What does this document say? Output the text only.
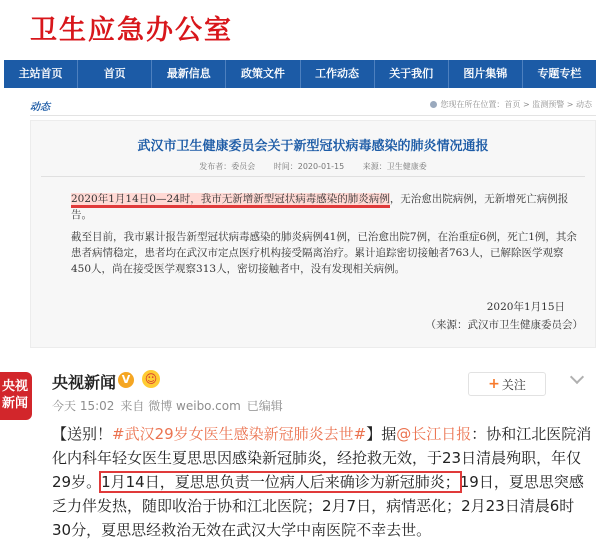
卫生应急办公室
主站首页	首页	最新信息	政策文件	工作动态	关于我们	图片集锦	专题专栏
动态	您现在所在位置：首页 > 监测预警 > 动态
武汉市卫生健康委员会关于新型冠状病毒感染的肺炎情况通报
发布者：委员会 时间：2020-01-15 来源：卫生健康委

2020年1月14日0—24时，我市无新增新型冠状病毒感染的肺炎病例，无治愈出院病例，无新增死亡病例报告。

截至目前，我市累计报告新型冠状病毒感染的肺炎病例41例，已治愈出院7例，在治重症6例，死亡1例，其余患者病情稳定，患者均在武汉市定点医疗机构接受隔离治疗。累计追踪密切接触者763人，已解除医学观察450人，尚在接受医学观察313人，密切接触者中，没有发现相关病例。

2020年1月15日
（来源：武汉市卫生健康委员会）
央视新闻
央视新闻 V	☺
今天 15:02 来自 微博 weibo.com 已编辑
+ 关注
【送别！#武汉29岁女医生感染新冠肺炎去世#】据@长江日报：协和江北医院消化内科年轻女医生夏思思因感染新冠肺炎，经抢救无效，于23日清晨殉职，年仅29岁。1月14日，夏思思负责一位病人后来确诊为新冠肺炎；19日，夏思思突感乏力伴发热，随即收治于协和江北医院；2月7日，病情恶化；2月23日清晨6时30分，夏思思经救治无效在武汉大学中南医院不幸去世。
